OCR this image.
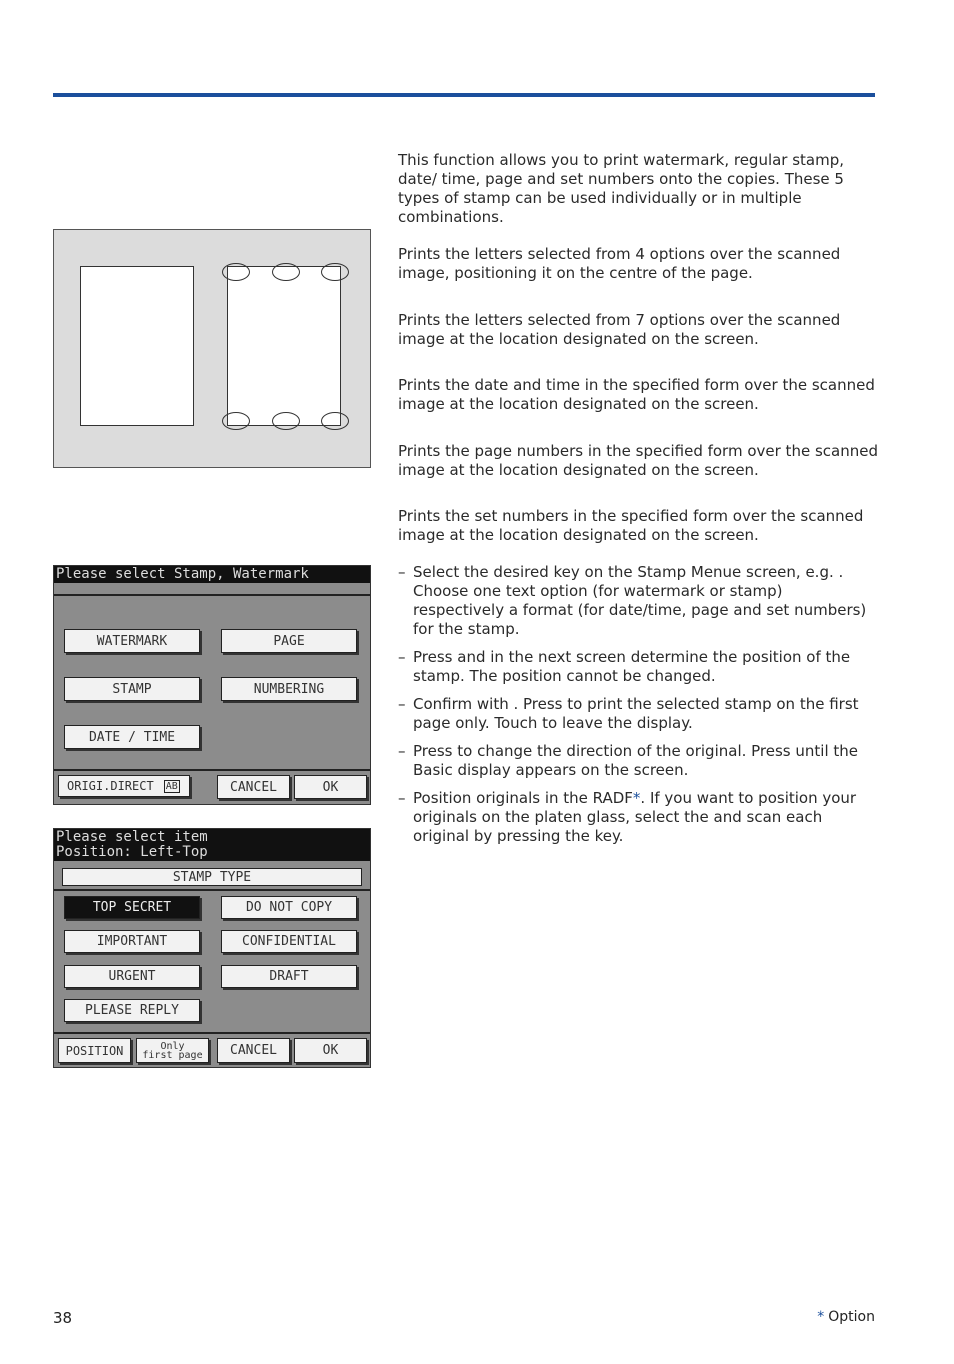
This function allows you to print watermark, regular stamp, date/ time, page and set numbers onto the copies. These 5 types of stamp can be used individually or in multiple combinations.

Prints the letters selected from 4 options over the scanned image, positioning it on the centre of the page.

Prints the letters selected from 7 options over the scanned image at the location designated on the screen.

Prints the date and time in the specified form over the scanned image at the location designated on the screen.

Prints the page numbers in the specified form over the scanned image at the location designated on the screen.

Prints the set numbers in the specified form over the scanned image at the location designated on the screen.

Please select Stamp, Watermark
WATERMARK	PAGE
STAMP	NUMBERING
DATE / TIME
ORIGI.DIRECT AB	CANCEL	OK
Please select item
Position: Left-Top
STAMP TYPE
TOP SECRET	DO NOT COPY
IMPORTANT	CONFIDENTIAL
URGENT	DRAFT
PLEASE REPLY
POSITION	Only
first page	CANCEL	OK
– Select the desired key on the Stamp Menue screen, e.g. . Choose one text option (for watermark or stamp) respectively a format (for date/time, page and set numbers) for the stamp.
– Press and in the next screen determine the position of the stamp. The position cannot be changed.
– Confirm with . Press to print the selected stamp on the first page only. Touch to leave the display.
– Press to change the direction of the original. Press until the Basic display appears on the screen.
– Position originals in the RADF*. If you want to position your originals on the platen glass, select the and scan each original by pressing the key.
38	* Option
